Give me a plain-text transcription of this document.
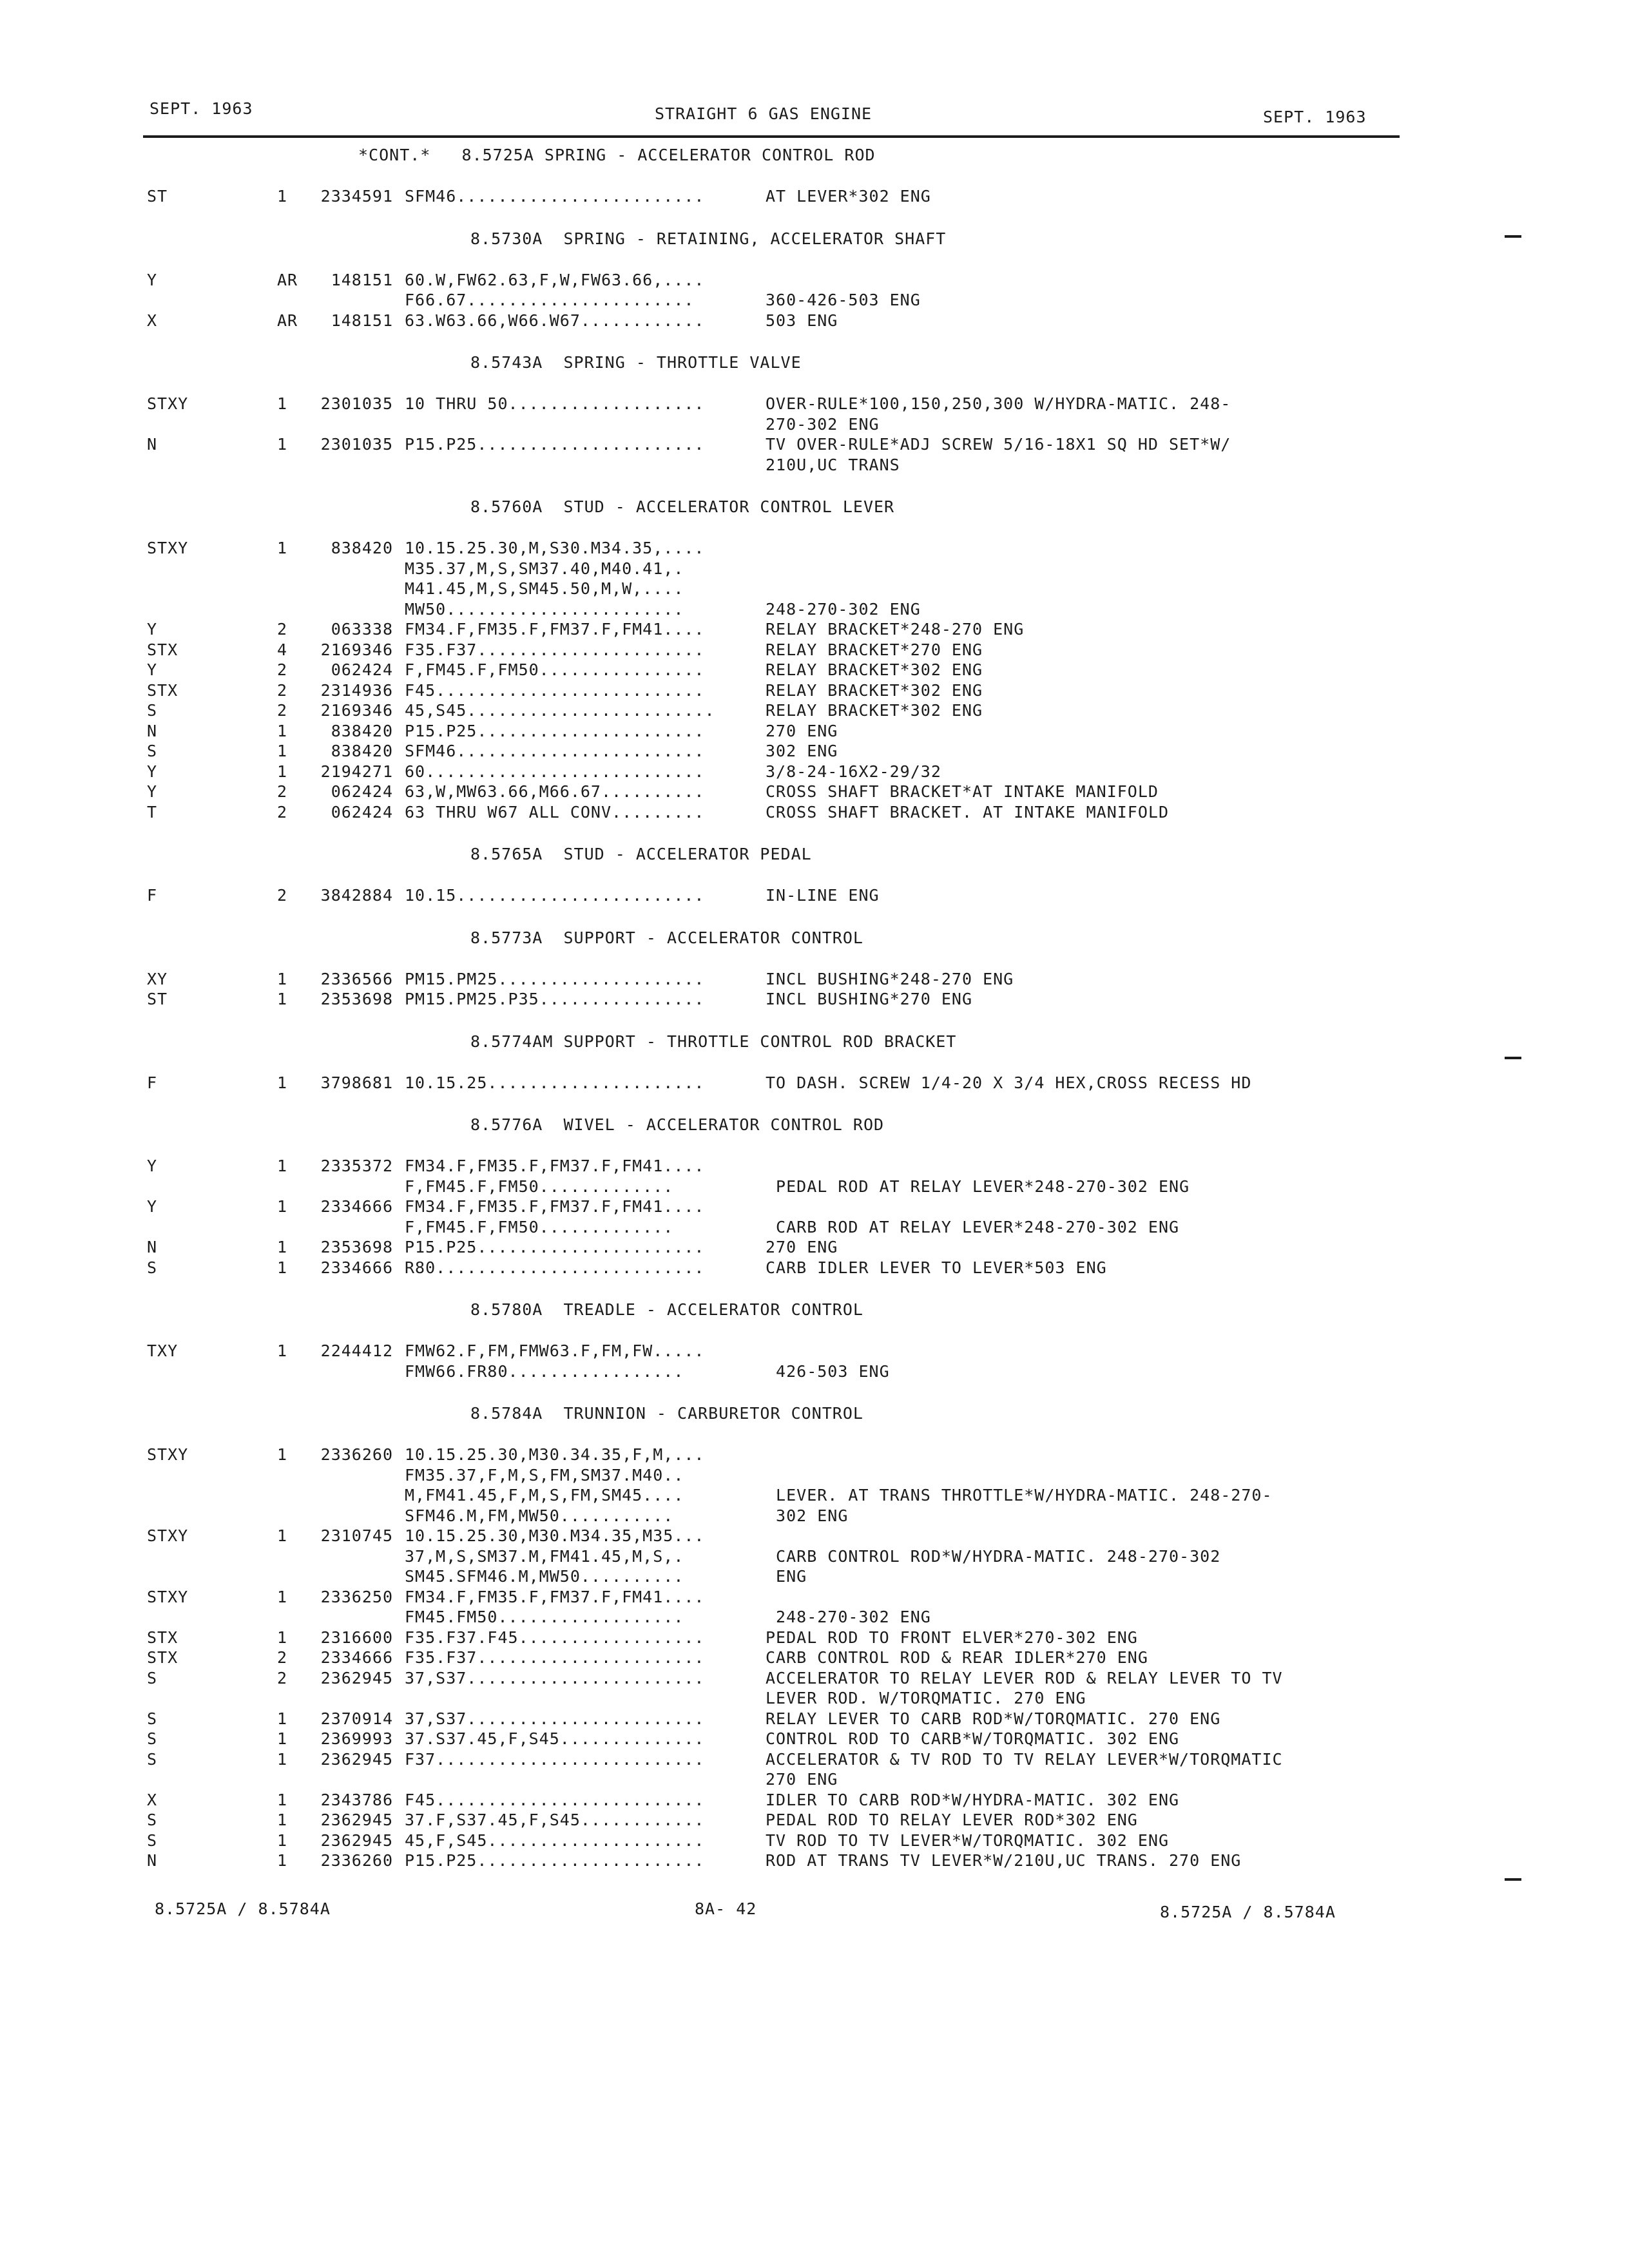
SEPT. 1963	STRAIGHT 6 GAS ENGINE	SEPT. 1963
*CONT.*   8.5725A SPRING - ACCELERATOR CONTROL ROD
ST	1	2334591 SFM46........................	AT LEVER*302 ENG
8.5730A  SPRING - RETAINING, ACCELERATOR SHAFT
Y	AR	148151 60.W,FW62.63,F,W,FW63.66,....
F66.67......................	360-426-503 ENG
X	AR	148151 63.W63.66,W66.W67............	503 ENG
8.5743A  SPRING - THROTTLE VALVE
STXY	1	2301035 10 THRU 50...................	OVER-RULE*100,150,250,300 W/HYDRA-MATIC. 248-
270-302 ENG
N	1	2301035 P15.P25......................	TV OVER-RULE*ADJ SCREW 5/16-18X1 SQ HD SET*W/
210U,UC TRANS
8.5760A  STUD - ACCELERATOR CONTROL LEVER
STXY	1	838420 10.15.25.30,M,S30.M34.35,....
M35.37,M,S,SM37.40,M40.41,.
M41.45,M,S,SM45.50,M,W,....
MW50.......................	248-270-302 ENG
Y	2	063338 FM34.F,FM35.F,FM37.F,FM41....	RELAY BRACKET*248-270 ENG
STX	4	2169346 F35.F37......................	RELAY BRACKET*270 ENG
Y	2	062424 F,FM45.F,FM50................	RELAY BRACKET*302 ENG
STX	2	2314936 F45..........................	RELAY BRACKET*302 ENG
S	2	2169346 45,S45........................	RELAY BRACKET*302 ENG
N	1	838420 P15.P25......................	270 ENG
S	1	838420 SFM46........................	302 ENG
Y	1	2194271 60...........................	3/8-24-16X2-29/32
Y	2	062424 63,W,MW63.66,M66.67..........	CROSS SHAFT BRACKET*AT INTAKE MANIFOLD
T	2	062424 63 THRU W67 ALL CONV.........	CROSS SHAFT BRACKET. AT INTAKE MANIFOLD
8.5765A  STUD - ACCELERATOR PEDAL
F	2	3842884 10.15........................	IN-LINE ENG
8.5773A  SUPPORT - ACCELERATOR CONTROL
XY	1	2336566 PM15.PM25....................	INCL BUSHING*248-270 ENG
ST	1	2353698 PM15.PM25.P35................	INCL BUSHING*270 ENG
8.5774AM SUPPORT - THROTTLE CONTROL ROD BRACKET
F	1	3798681 10.15.25.....................	TO DASH. SCREW 1/4-20 X 3/4 HEX,CROSS RECESS HD
8.5776A  WIVEL - ACCELERATOR CONTROL ROD
Y	1	2335372 FM34.F,FM35.F,FM37.F,FM41....
F,FM45.F,FM50.............	PEDAL ROD AT RELAY LEVER*248-270-302 ENG
Y	1	2334666 FM34.F,FM35.F,FM37.F,FM41....
F,FM45.F,FM50.............	CARB ROD AT RELAY LEVER*248-270-302 ENG
N	1	2353698 P15.P25......................	270 ENG
S	1	2334666 R80..........................	CARB IDLER LEVER TO LEVER*503 ENG
8.5780A  TREADLE - ACCELERATOR CONTROL
TXY	1	2244412 FMW62.F,FM,FMW63.F,FM,FW.....
FMW66.FR80.................	426-503 ENG
8.5784A  TRUNNION - CARBURETOR CONTROL
STXY	1	2336260 10.15.25.30,M30.34.35,F,M,...
FM35.37,F,M,S,FM,SM37.M40..
M,FM41.45,F,M,S,FM,SM45....	LEVER. AT TRANS THROTTLE*W/HYDRA-MATIC. 248-270-
SFM46.M,FM,MW50...........	302 ENG
STXY	1	2310745 10.15.25.30,M30.M34.35,M35...
37,M,S,SM37.M,FM41.45,M,S,.	CARB CONTROL ROD*W/HYDRA-MATIC. 248-270-302
SM45.SFM46.M,MW50..........	ENG
STXY	1	2336250 FM34.F,FM35.F,FM37.F,FM41....
FM45.FM50..................	248-270-302 ENG
STX	1	2316600 F35.F37.F45..................	PEDAL ROD TO FRONT ELVER*270-302 ENG
STX	2	2334666 F35.F37......................	CARB CONTROL ROD & REAR IDLER*270 ENG
S	2	2362945 37,S37.......................	ACCELERATOR TO RELAY LEVER ROD & RELAY LEVER TO TV
LEVER ROD. W/TORQMATIC. 270 ENG
S	1	2370914 37,S37.......................	RELAY LEVER TO CARB ROD*W/TORQMATIC. 270 ENG
S	1	2369993 37.S37.45,F,S45..............	CONTROL ROD TO CARB*W/TORQMATIC. 302 ENG
S	1	2362945 F37..........................	ACCELERATOR & TV ROD TO TV RELAY LEVER*W/TORQMATIC
270 ENG
X	1	2343786 F45..........................	IDLER TO CARB ROD*W/HYDRA-MATIC. 302 ENG
S	1	2362945 37.F,S37.45,F,S45............	PEDAL ROD TO RELAY LEVER ROD*302 ENG
S	1	2362945 45,F,S45.....................	TV ROD TO TV LEVER*W/TORQMATIC. 302 ENG
N	1	2336260 P15.P25......................	ROD AT TRANS TV LEVER*W/210U,UC TRANS. 270 ENG
8.5725A / 8.5784A	8A- 42	8.5725A / 8.5784A
